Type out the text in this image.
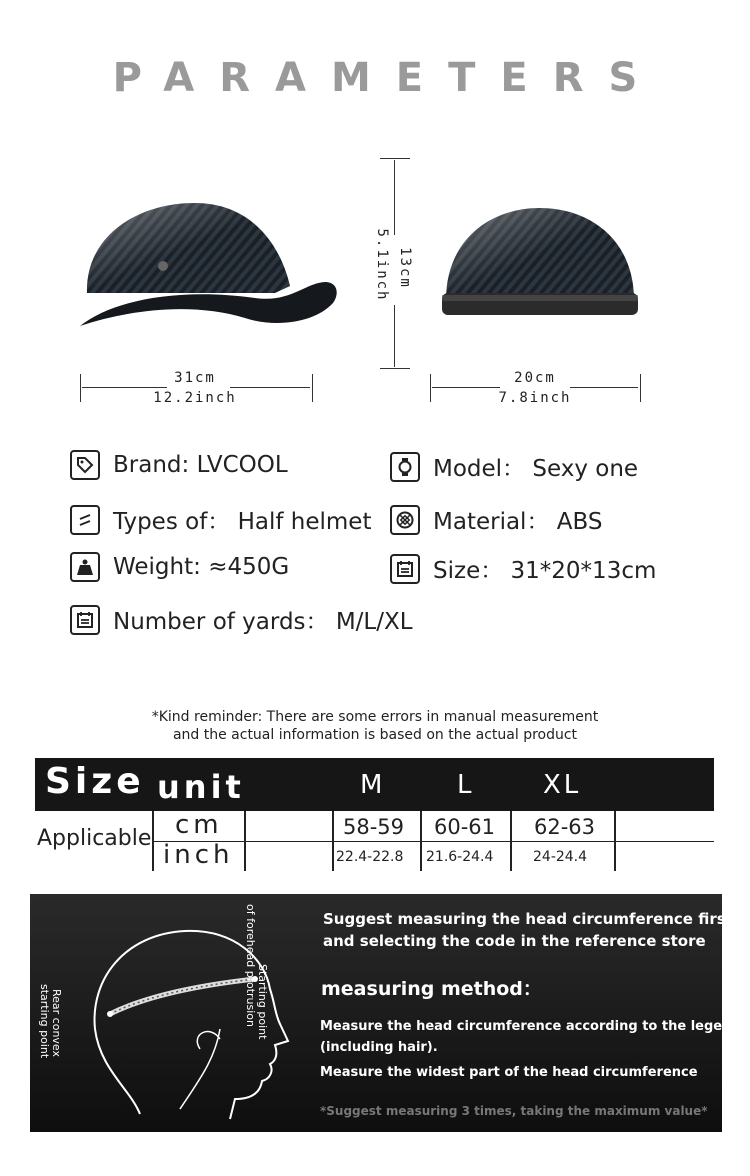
PARAMETERS
31cm
12.2inch
13cm
5.1inch
20cm
7.8inch
Brand: LVCOOL	Model： Sexy one
Types of： Half helmet	Material： ABS
Weight: ≈450G	Size： 31*20*13cm
Number of yards： M/L/XL
*Kind reminder: There are some errors in manual measurement
and the actual information is based on the actual product
Size unit	M	L	XL
Applicable cm	58-59 60-61 62-63
inch	22.4-22.8 21.6-24.4	24-24.4
Starting point
of forehead protrusion
Rear convex
starting point
Suggest measuring the head circumference first
and selecting the code in the reference store
measuring method：
Measure the head circumference according to the legend,
(including hair).
Measure the widest part of the head circumference
*Suggest measuring 3 times, taking the maximum value*
